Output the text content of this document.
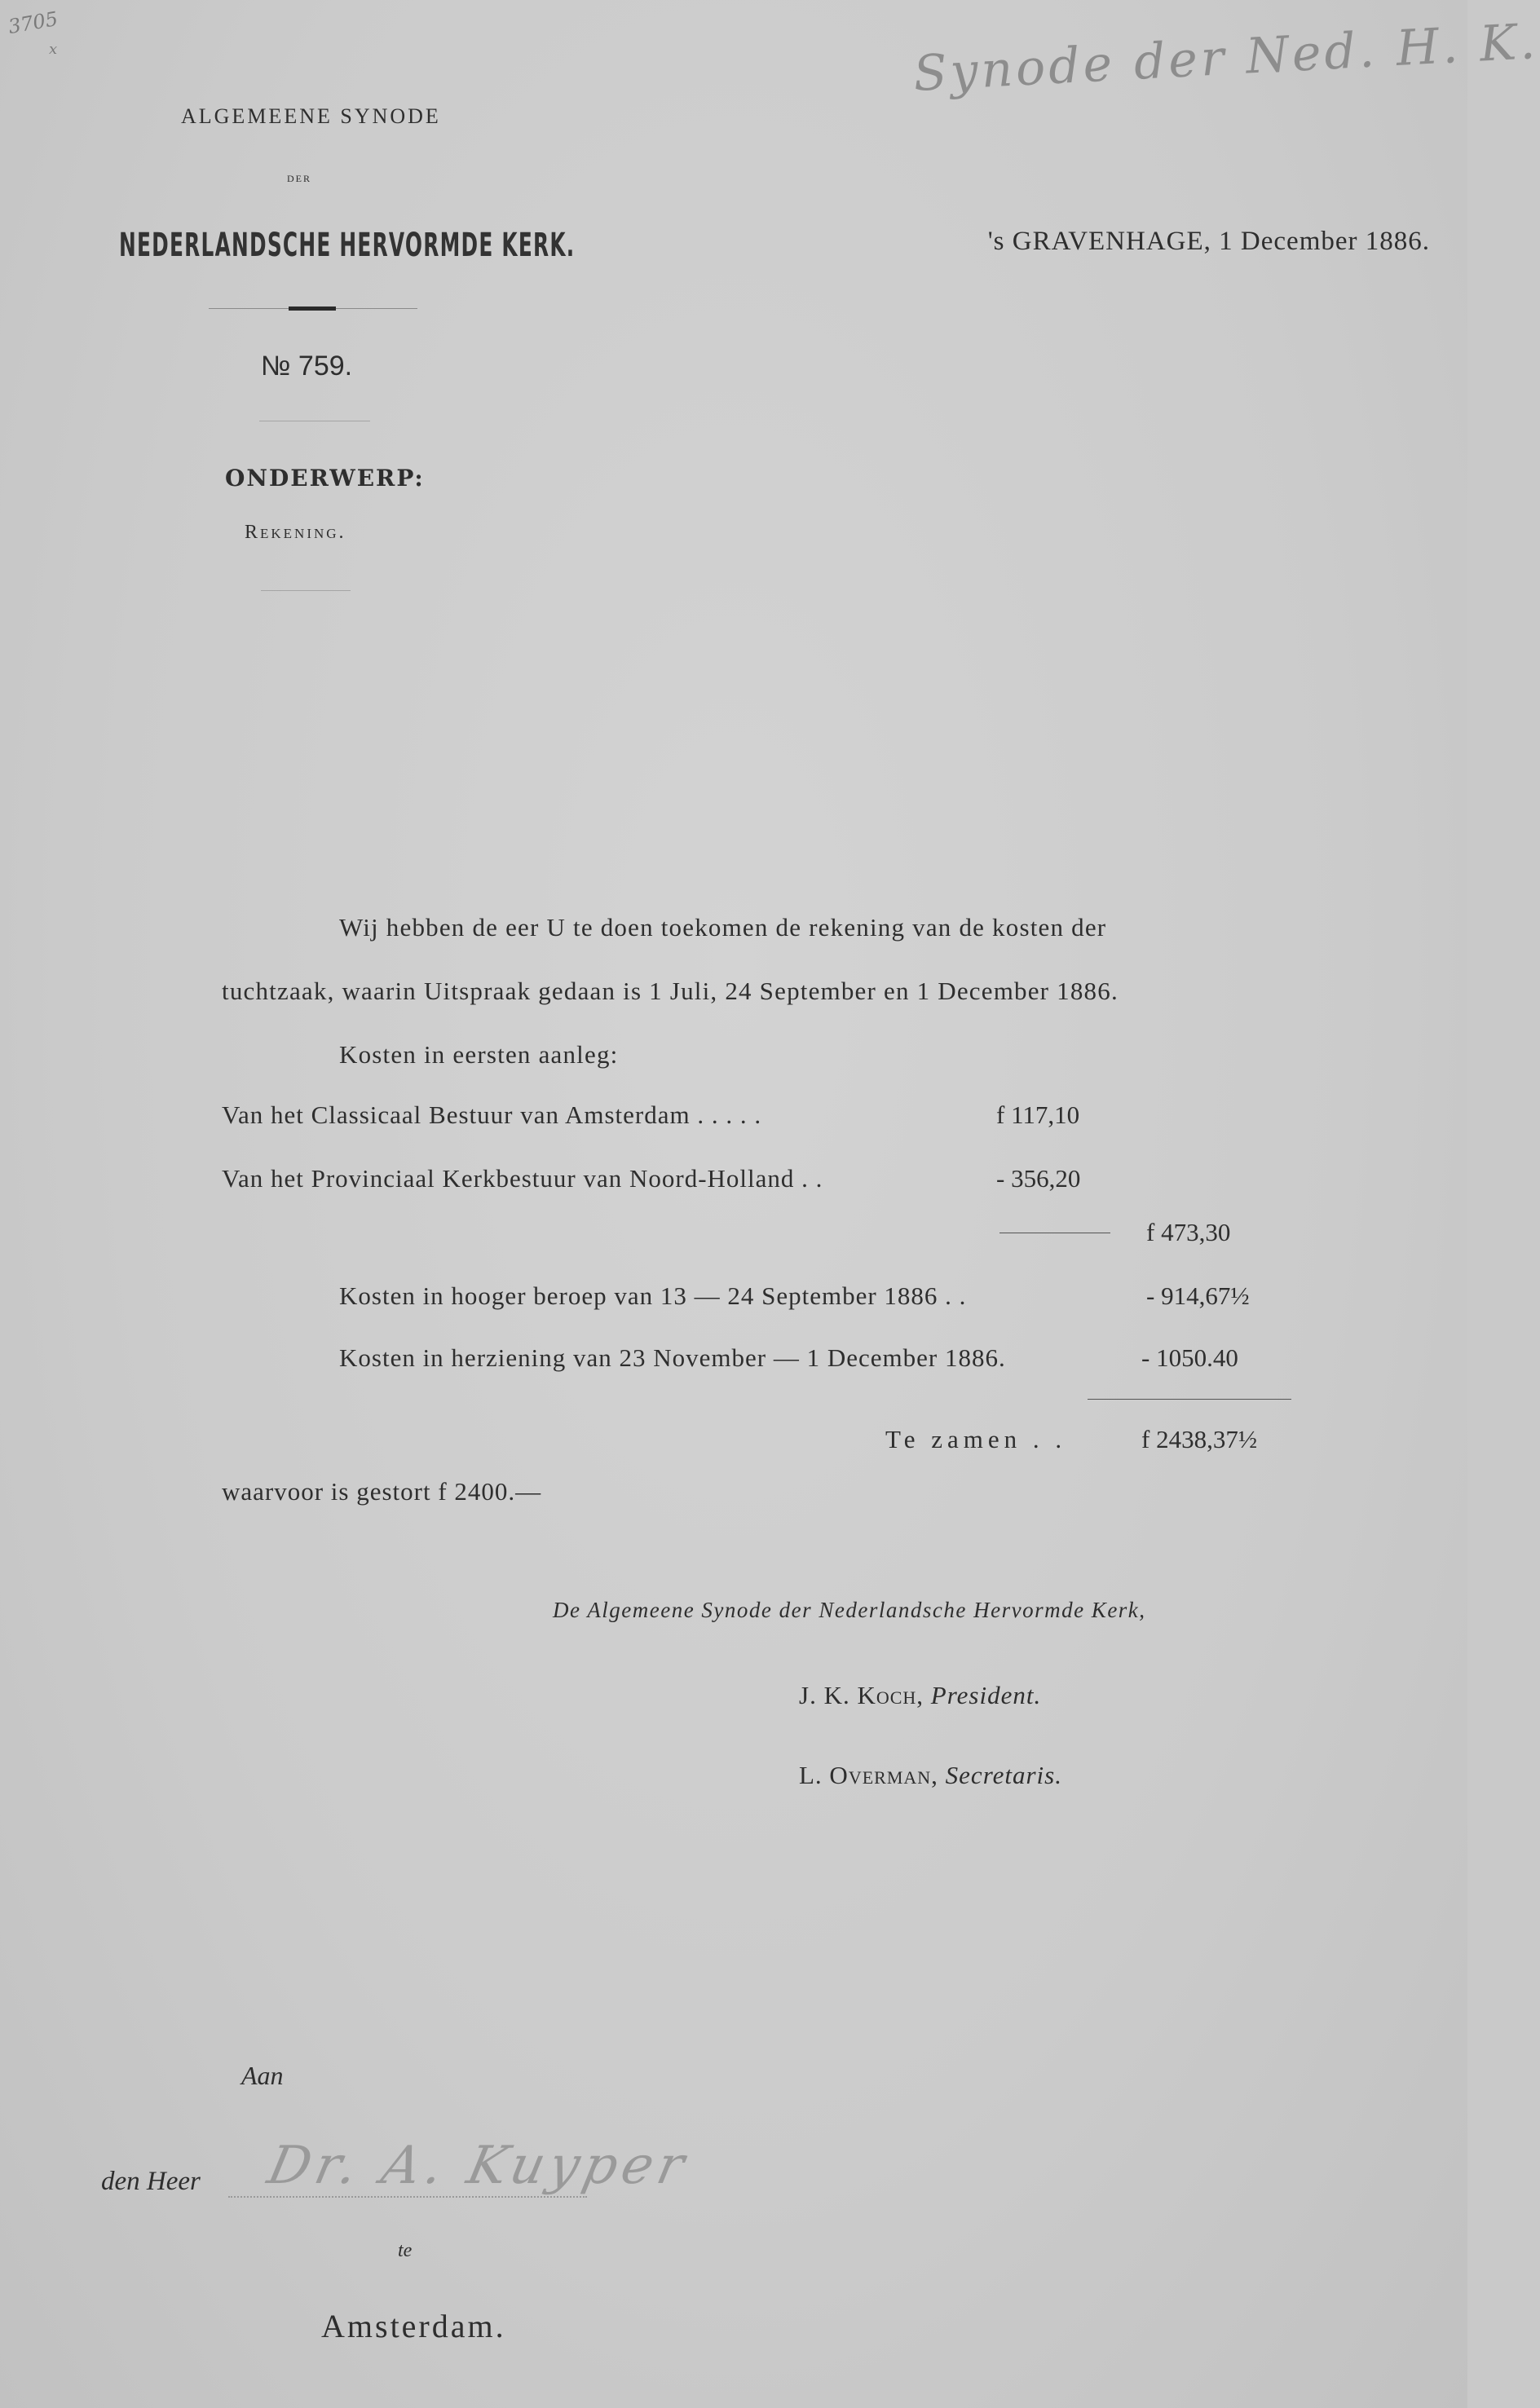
3705
x	Synode der Ned. H. K.
ALGEMEENE SYNODE
DER
NEDERLANDSCHE HERVORMDE KERK.	's GRAVENHAGE, 1 December 1886.
№ 759.
ONDERWERP:
Rekening.
Wij hebben de eer U te doen toekomen de rekening van de kosten der
tuchtzaak, waarin Uitspraak gedaan is 1 Juli, 24 September en 1 December 1886.
Kosten in eersten aanleg:
Van het Classicaal Bestuur van Amsterdam . . . . .	f 117,10
Van het Provinciaal Kerkbestuur van Noord-Holland . .	- 356,20
f 473,30
Kosten in hooger beroep van 13 — 24 September 1886 . .	- 914,67½
Kosten in herziening van 23 November — 1 December 1886.	- 1050.40
Te zamen . .	f 2438,37½
waarvoor is gestort f 2400.—
De Algemeene Synode der Nederlandsche Hervormde Kerk,
J. K. Koch, President.
L. Overman, Secretaris.
Aan
den Heer Dr. A. Kuyper
te
Amsterdam.
